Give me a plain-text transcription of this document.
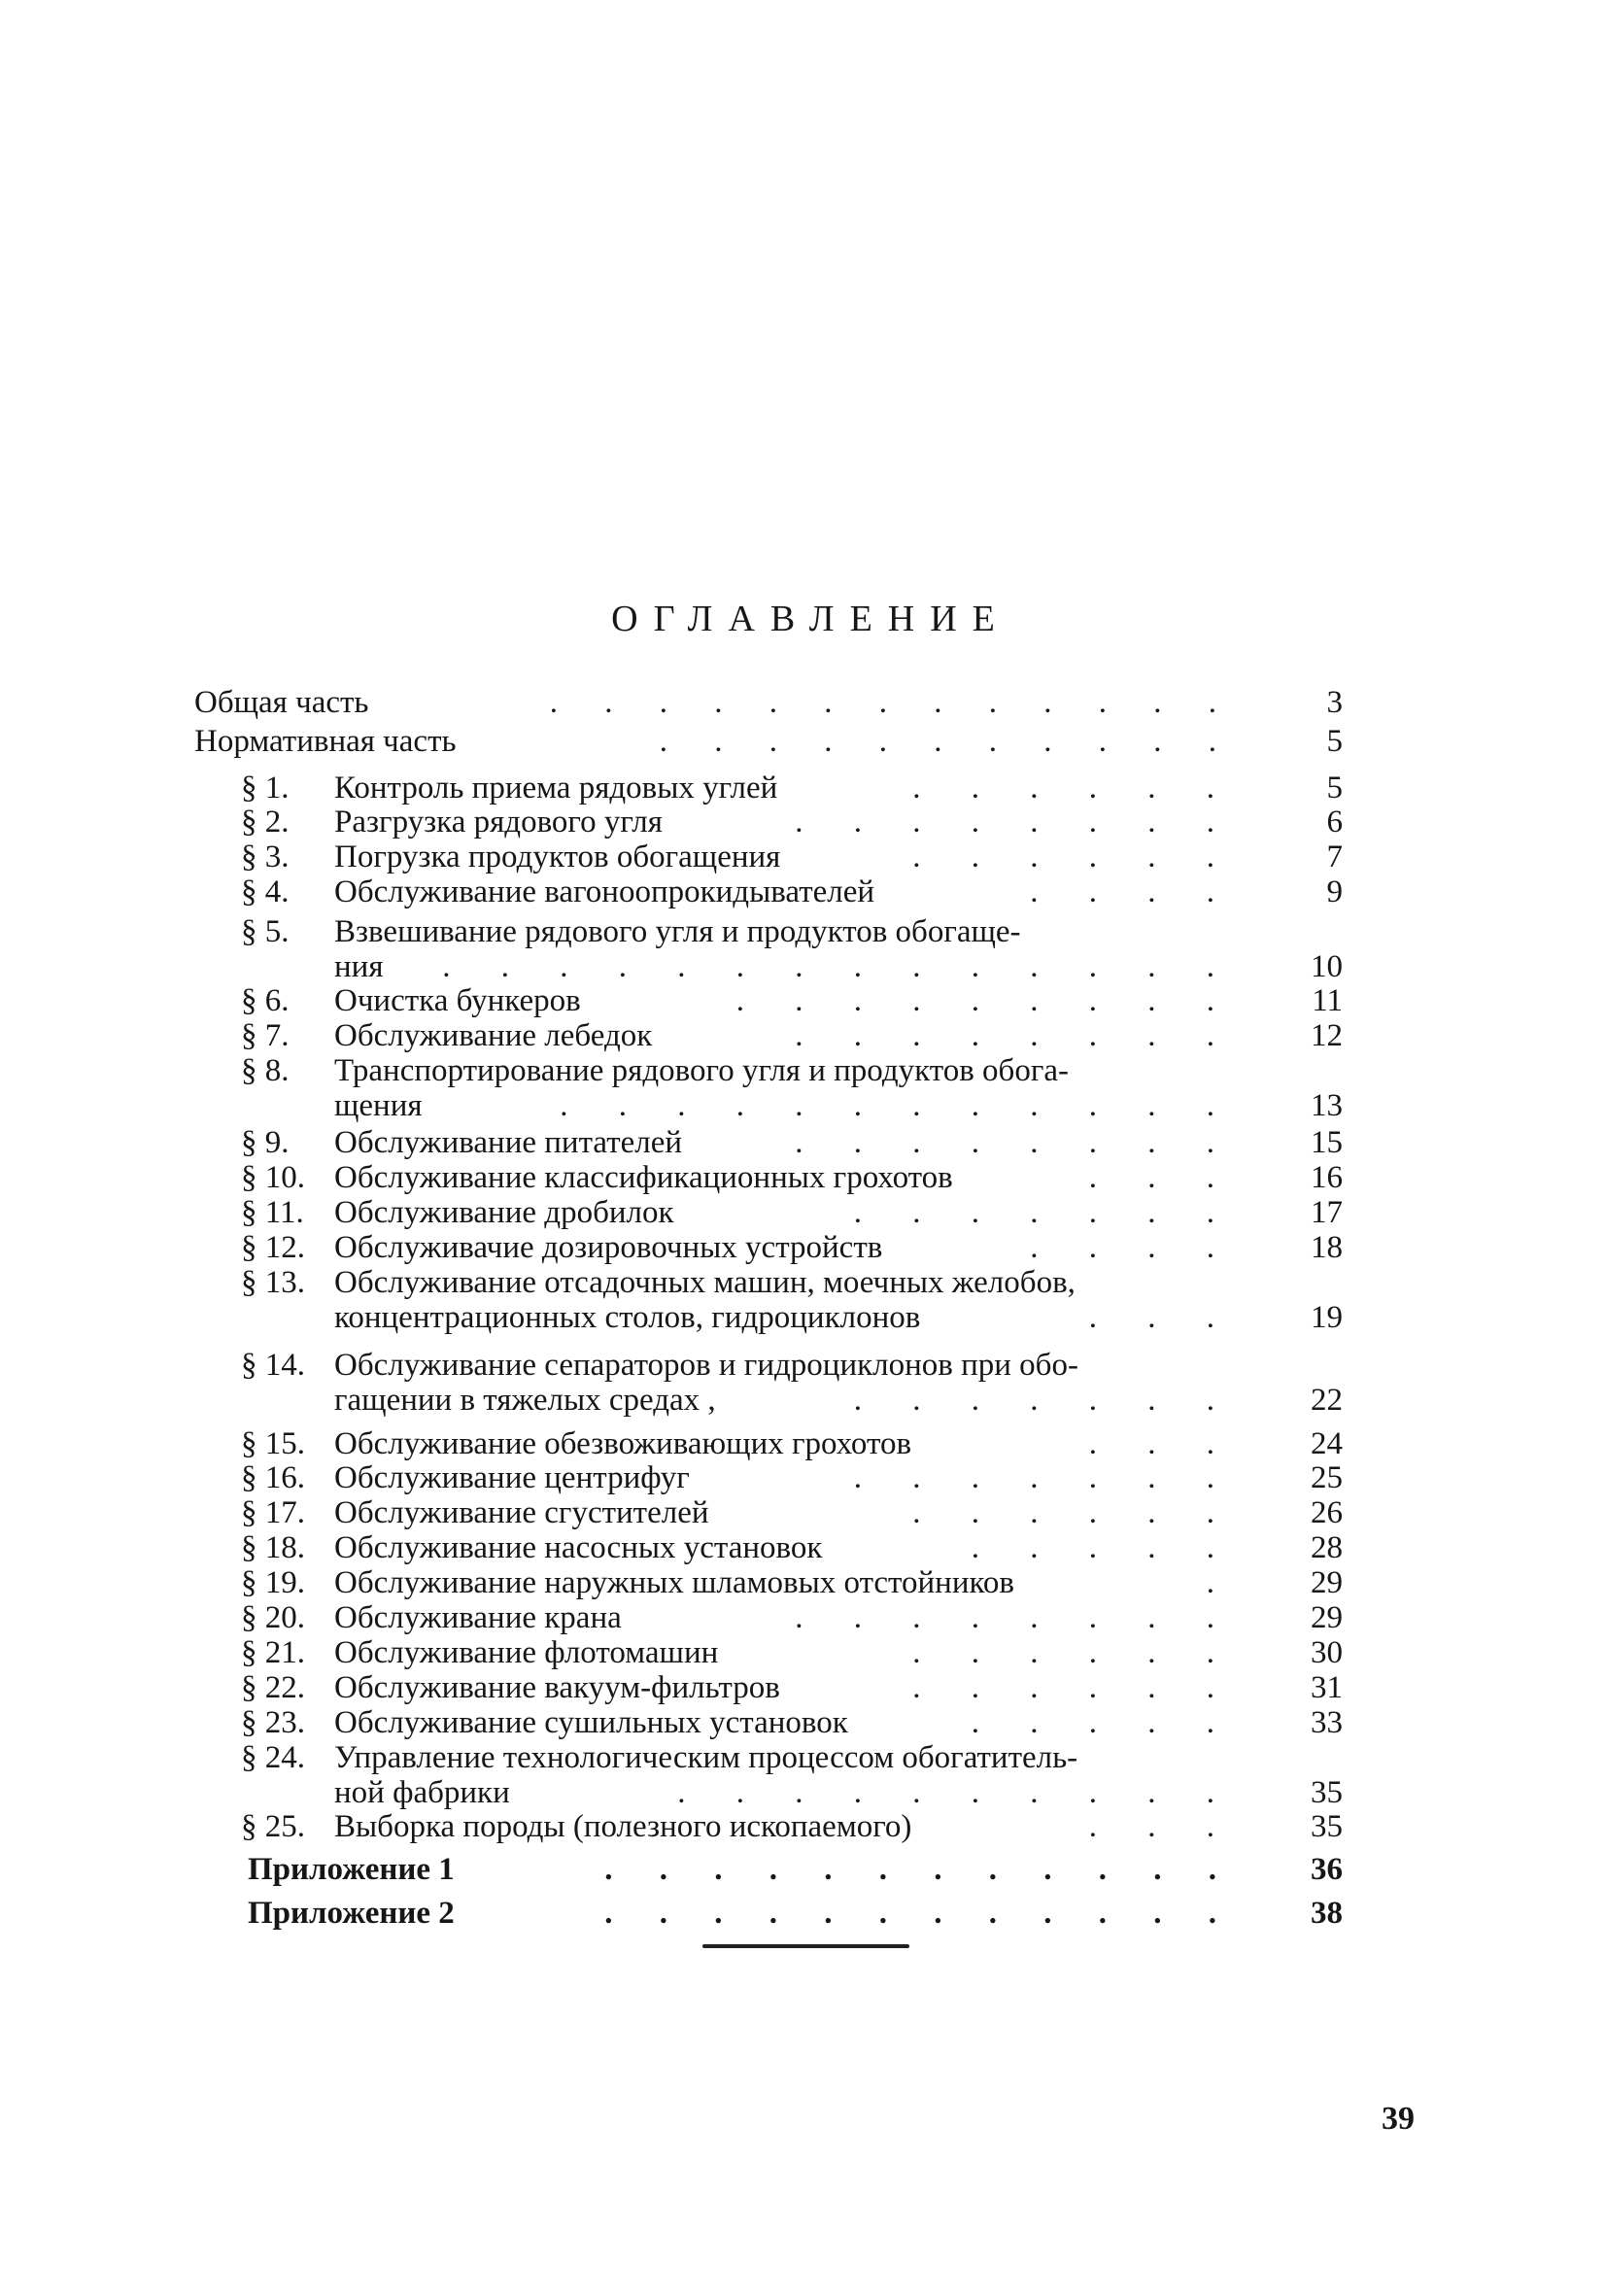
ОГЛАВЛЕНИЕ
Общая часть	. . . . . . . . . . . . .	3
Нормативная часть	. . . . . . . . . . .	5
§ 1.	Контроль приема рядовых углей	. . . . . .	5
§ 2.	Разгрузка рядового угля	. . . . . . . .	6
§ 3.	Погрузка продуктов обогащения	. . . . . .	7
§ 4.	Обслуживание вагоноопрокидывателей	. . . .	9
§ 5.	Взвешивание рядового угля и продуктов обогаще-
ния . . . . . . . . . . . . . . 10
§ 6.	Очистка бункеров	. . . . . . . . . 11
§ 7.	Обслуживание лебедок	. . . . . . . . 12
§ 8.	Транспортирование рядового угля и продуктов обога-
щения	. . . . . . . . . . . . 13
§ 9.	Обслуживание питателей	. . . . . . . . 15
§ 10. Обслуживание классификационных грохотов	. . . 16
§ 11. Обслуживание дробилок	. . . . . . . 17
§ 12. Обслуживачие дозировочных устройств	. . . . 18
§ 13. Обслуживание отсадочных машин, моечных желобов,
концентрационных столов, гидроциклонов	. . . 19
§ 14. Обслуживание сепараторов и гидроциклонов при обо-
гащении в тяжелых средах ,	. . . . . . . 22
§ 15. Обслуживание обезвоживающих грохотов	. . . 24
§ 16. Обслуживание центрифуг	. . . . . . . 25
§ 17. Обслуживание сгустителей	. . . . . . 26
§ 18. Обслуживание насосных установок	. . . . . 28
§ 19. Обслуживание наружных шламовых отстойников	. 29
§ 20. Обслуживание крана	. . . . . . . . 29
§ 21. Обслуживание флотомашин	. . . . . . 30
§ 22. Обслуживание вакуум-фильтров	. . . . . . 31
§ 23. Обслуживание сушильных установок	. . . . . 33
§ 24. Управление технологическим процессом обогатитель-
ной фабрики	. . . . . . . . . . 35
§ 25. Выборка породы (полезного ископаемого)	. . . 35
Приложение 1	. . . . . . . . . . . . 36
Приложение 2	. . . . . . . . . . . . 38
39
